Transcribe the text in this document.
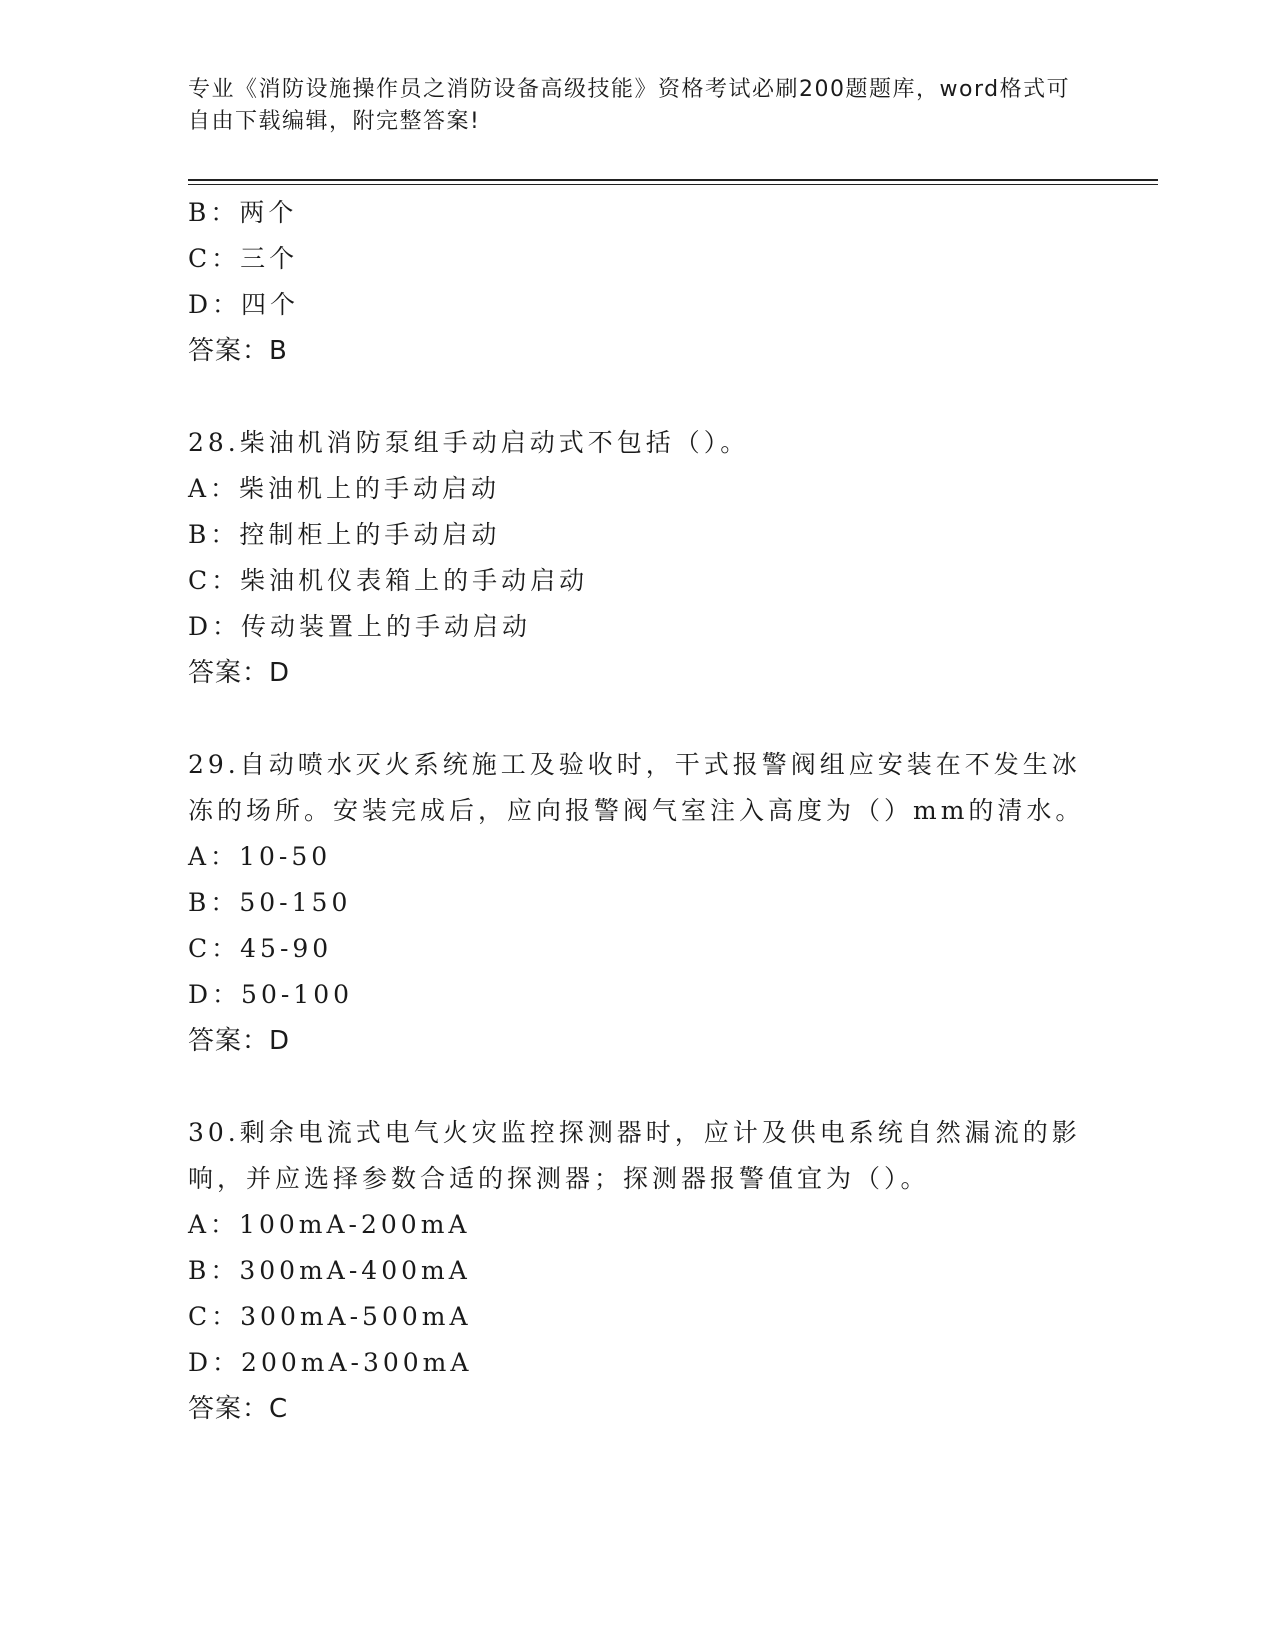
专业《消防设施操作员之消防设备高级技能》资格考试必刷200题题库，word格式可自由下载编辑，附完整答案!
B：两个
C：三个
D：四个
答案：B
28.柴油机消防泵组手动启动式不包括（）。
A：柴油机上的手动启动
B：控制柜上的手动启动
C：柴油机仪表箱上的手动启动
D：传动装置上的手动启动
答案：D
29.自动喷水灭火系统施工及验收时，干式报警阀组应安装在不发生冰
冻的场所。安装完成后，应向报警阀气室注入高度为（）mm的清水。
A：10-50
B：50-150
C：45-90
D：50-100
答案：D
30.剩余电流式电气火灾监控探测器时，应计及供电系统自然漏流的影
响，并应选择参数合适的探测器；探测器报警值宜为（）。
A：100mA-200mA
B：300mA-400mA
C：300mA-500mA
D：200mA-300mA
答案：C
